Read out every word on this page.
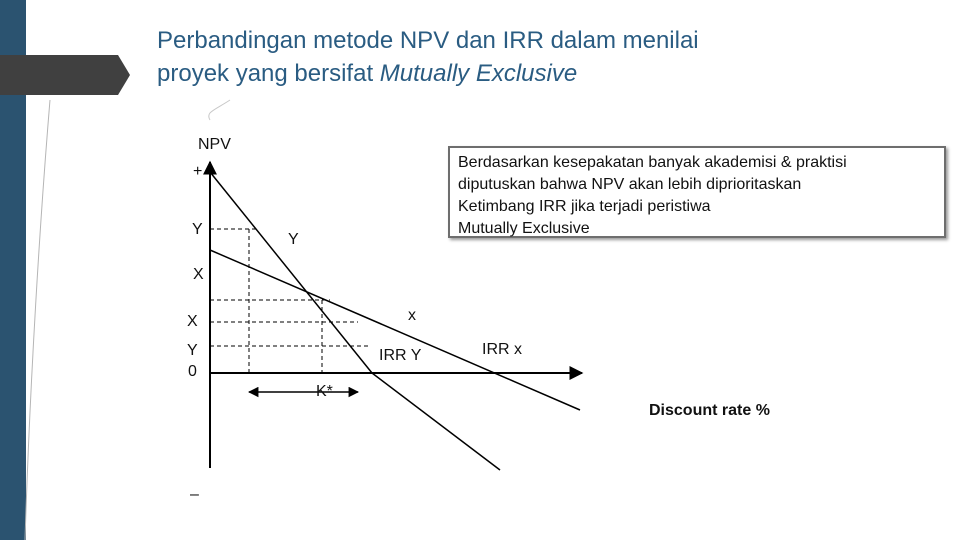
Perbandingan metode NPV dan IRR dalam menilai
proyek yang bersifat Mutually Exclusive
NPV
+
Y
Y
X
X	x
Y
0
IRR Y	IRR x
K*
Discount rate %
–
Berdasarkan kesepakatan banyak akademisi & praktisi
diputuskan bahwa NPV akan lebih diprioritaskan
Ketimbang IRR jika terjadi peristiwa
Mutually Exclusive
